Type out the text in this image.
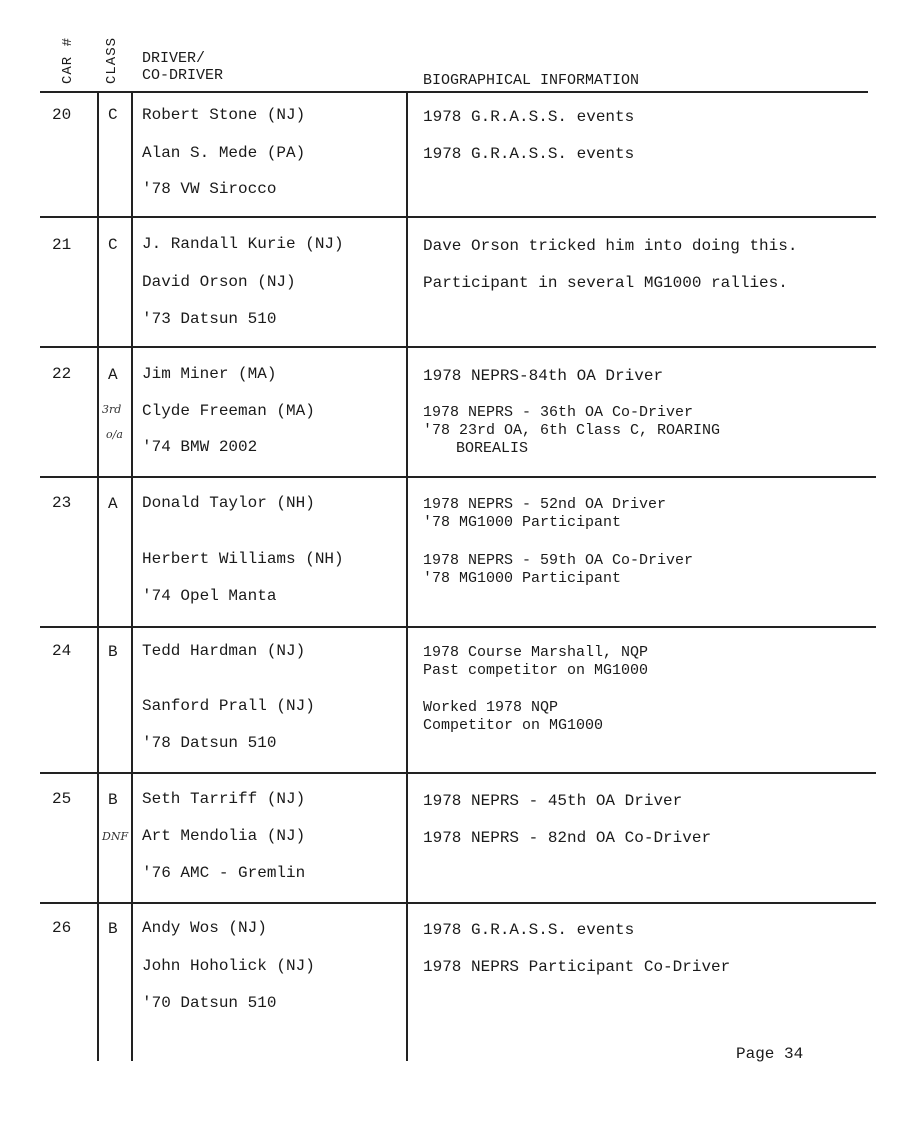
CAR # CLASS DRIVER/
CO-DRIVER	BIOGRAPHICAL INFORMATION
20 C Robert Stone (NJ)
Alan S. Mede (PA)
'78 VW Sirocco
1978 G.R.A.S.S. events
1978 G.R.A.S.S. events
21 C J. Randall Kurie (NJ)
David Orson (NJ)
'73 Datsun 510
Dave Orson tricked him into doing this.
Participant in several MG1000 rallies.
22 A
3rd
o/a
Jim Miner (MA)
Clyde Freeman (MA)
'74 BMW 2002
1978 NEPRS-84th OA Driver
1978 NEPRS - 36th OA Co-Driver
'78 23rd OA, 6th Class C, ROARING
BOREALIS
23 A Donald Taylor (NH)
Herbert Williams (NH)
'74 Opel Manta
1978 NEPRS - 52nd OA Driver
'78 MG1000 Participant
1978 NEPRS - 59th OA Co-Driver
'78 MG1000 Participant
24 B Tedd Hardman (NJ)
Sanford Prall (NJ)
'78 Datsun 510
1978 Course Marshall, NQP
Past competitor on MG1000
Worked 1978 NQP
Competitor on MG1000
25 B
DNF
Seth Tarriff (NJ)
Art Mendolia (NJ)
'76 AMC - Gremlin
1978 NEPRS - 45th OA Driver
1978 NEPRS - 82nd OA Co-Driver
26 B Andy Wos (NJ)
John Hoholick (NJ)
'70 Datsun 510
1978 G.R.A.S.S. events
1978 NEPRS Participant Co-Driver
Page 34
